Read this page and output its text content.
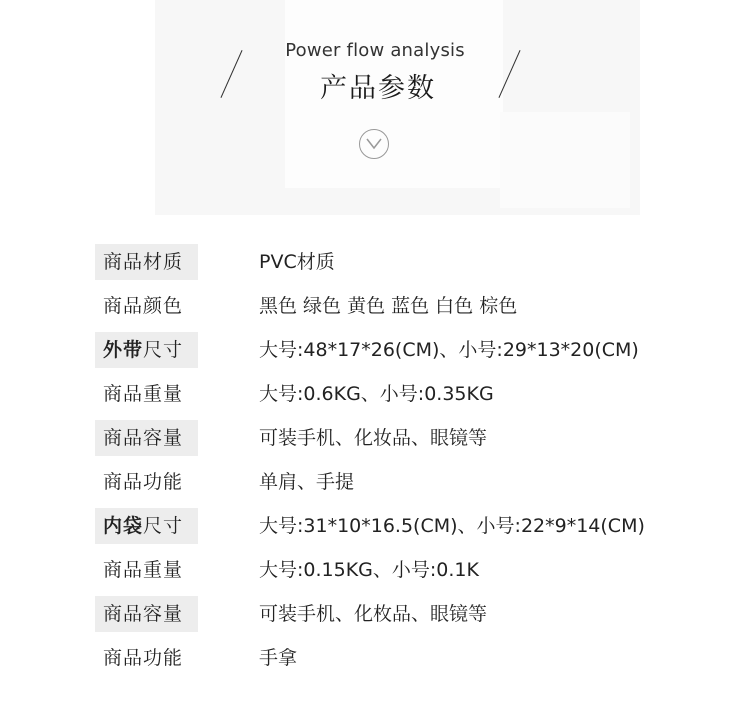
Power flow analysis
产品参数
商品材质	PVC材质
商品颜色	黑色 绿色 黄色 蓝色 白色 棕色
外带尺寸	大号:48*17*26(CM)、小号:29*13*20(CM)
商品重量	大号:0.6KG、小号:0.35KG
商品容量	可装手机、化妆品、眼镜等
商品功能	单肩、手提
内袋尺寸	大号:31*10*16.5(CM)、小号:22*9*14(CM)
商品重量	大号:0.15KG、小号:0.1K
商品容量	可装手机、化枚品、眼镜等
商品功能	手拿
